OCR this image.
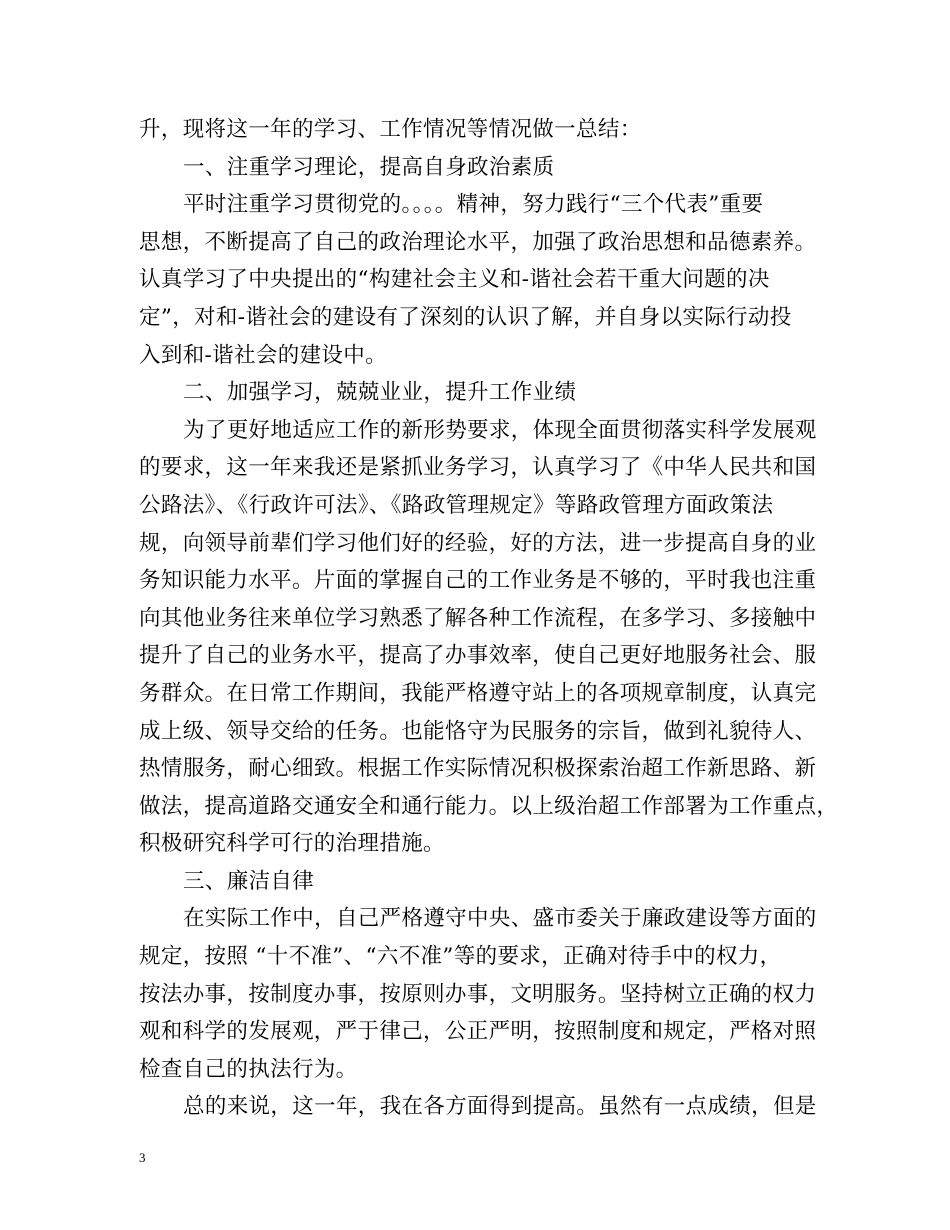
升，现将这一年的学习、工作情况等情况做一总结：
一、注重学习理论，提高自身政治素质
平时注重学习贯彻党的。。。。精神，努力践行“三个代表”重要
思想，不断提高了自己的政治理论水平，加强了政治思想和品德素养。
认真学习了中央提出的“构建社会主义和-谐社会若干重大问题的决
定”，对和-谐社会的建设有了深刻的认识了解，并自身以实际行动投
入到和-谐社会的建设中。
二、加强学习，兢兢业业，提升工作业绩
为了更好地适应工作的新形势要求，体现全面贯彻落实科学发展观
的要求，这一年来我还是紧抓业务学习，认真学习了《中华人民共和国
公路法》、《行政许可法》、《路政管理规定》等路政管理方面政策法
规，向领导前辈们学习他们好的经验，好的方法，进一步提高自身的业
务知识能力水平。片面的掌握自己的工作业务是不够的，平时我也注重
向其他业务往来单位学习熟悉了解各种工作流程，在多学习、多接触中
提升了自己的业务水平，提高了办事效率，使自己更好地服务社会、服
务群众。在日常工作期间，我能严格遵守站上的各项规章制度，认真完
成上级、领导交给的任务。也能恪守为民服务的宗旨，做到礼貌待人、
热情服务，耐心细致。根据工作实际情况积极探索治超工作新思路、新
做法，提高道路交通安全和通行能力。以上级治超工作部署为工作重点，
积极研究科学可行的治理措施。
三、廉洁自律
在实际工作中，自己严格遵守中央、盛市委关于廉政建设等方面的
规定，按照 “十不准”、“六不准”等的要求，正确对待手中的权力，
按法办事，按制度办事，按原则办事，文明服务。坚持树立正确的权力
观和科学的发展观，严于律己，公正严明，按照制度和规定，严格对照
检查自己的执法行为。
总的来说，这一年，我在各方面得到提高。虽然有一点成绩，但是
3
